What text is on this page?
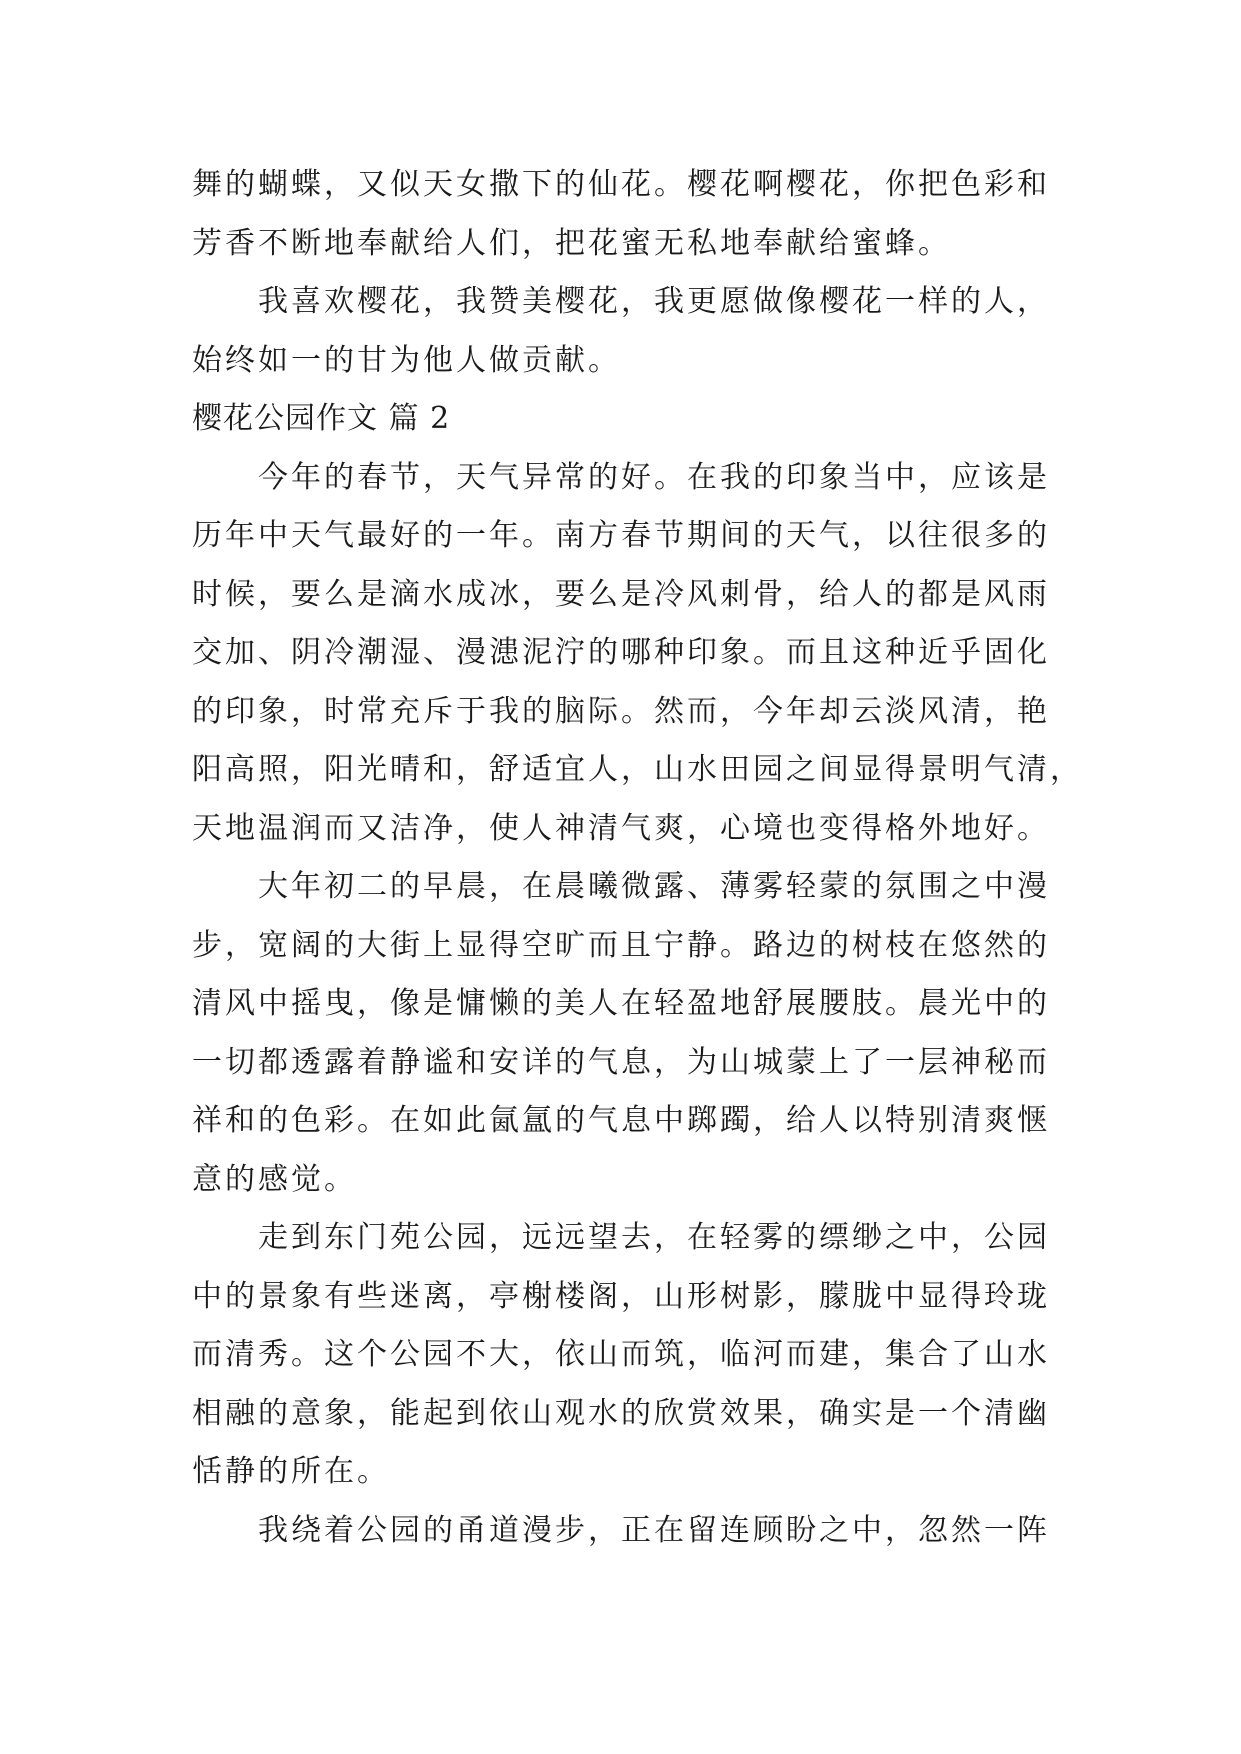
舞的蝴蝶，又似天女撒下的仙花。樱花啊樱花，你把色彩和
芳香不断地奉献给人们，把花蜜无私地奉献给蜜蜂。
我喜欢樱花，我赞美樱花，我更愿做像樱花一样的人，
始终如一的甘为他人做贡献。
樱花公园作文 篇 2
今年的春节，天气异常的好。在我的印象当中，应该是
历年中天气最好的一年。南方春节期间的天气，以往很多的
时候，要么是滴水成冰，要么是冷风刺骨，给人的都是风雨
交加、阴冷潮湿、漫漶泥泞的哪种印象。而且这种近乎固化
的印象，时常充斥于我的脑际。然而，今年却云淡风清，艳
阳高照，阳光晴和，舒适宜人，山水田园之间显得景明气清，
天地温润而又洁净，使人神清气爽，心境也变得格外地好。
大年初二的早晨，在晨曦微露、薄雾轻蒙的氛围之中漫
步，宽阔的大街上显得空旷而且宁静。路边的树枝在悠然的
清风中摇曳，像是慵懒的美人在轻盈地舒展腰肢。晨光中的
一切都透露着静谧和安详的气息，为山城蒙上了一层神秘而
祥和的色彩。在如此氤氲的气息中踯躅，给人以特别清爽惬
意的感觉。
走到东门苑公园，远远望去，在轻雾的缥缈之中，公园
中的景象有些迷离，亭榭楼阁，山形树影，朦胧中显得玲珑
而清秀。这个公园不大，依山而筑，临河而建，集合了山水
相融的意象，能起到依山观水的欣赏效果，确实是一个清幽
恬静的所在。
我绕着公园的甬道漫步，正在留连顾盼之中，忽然一阵
